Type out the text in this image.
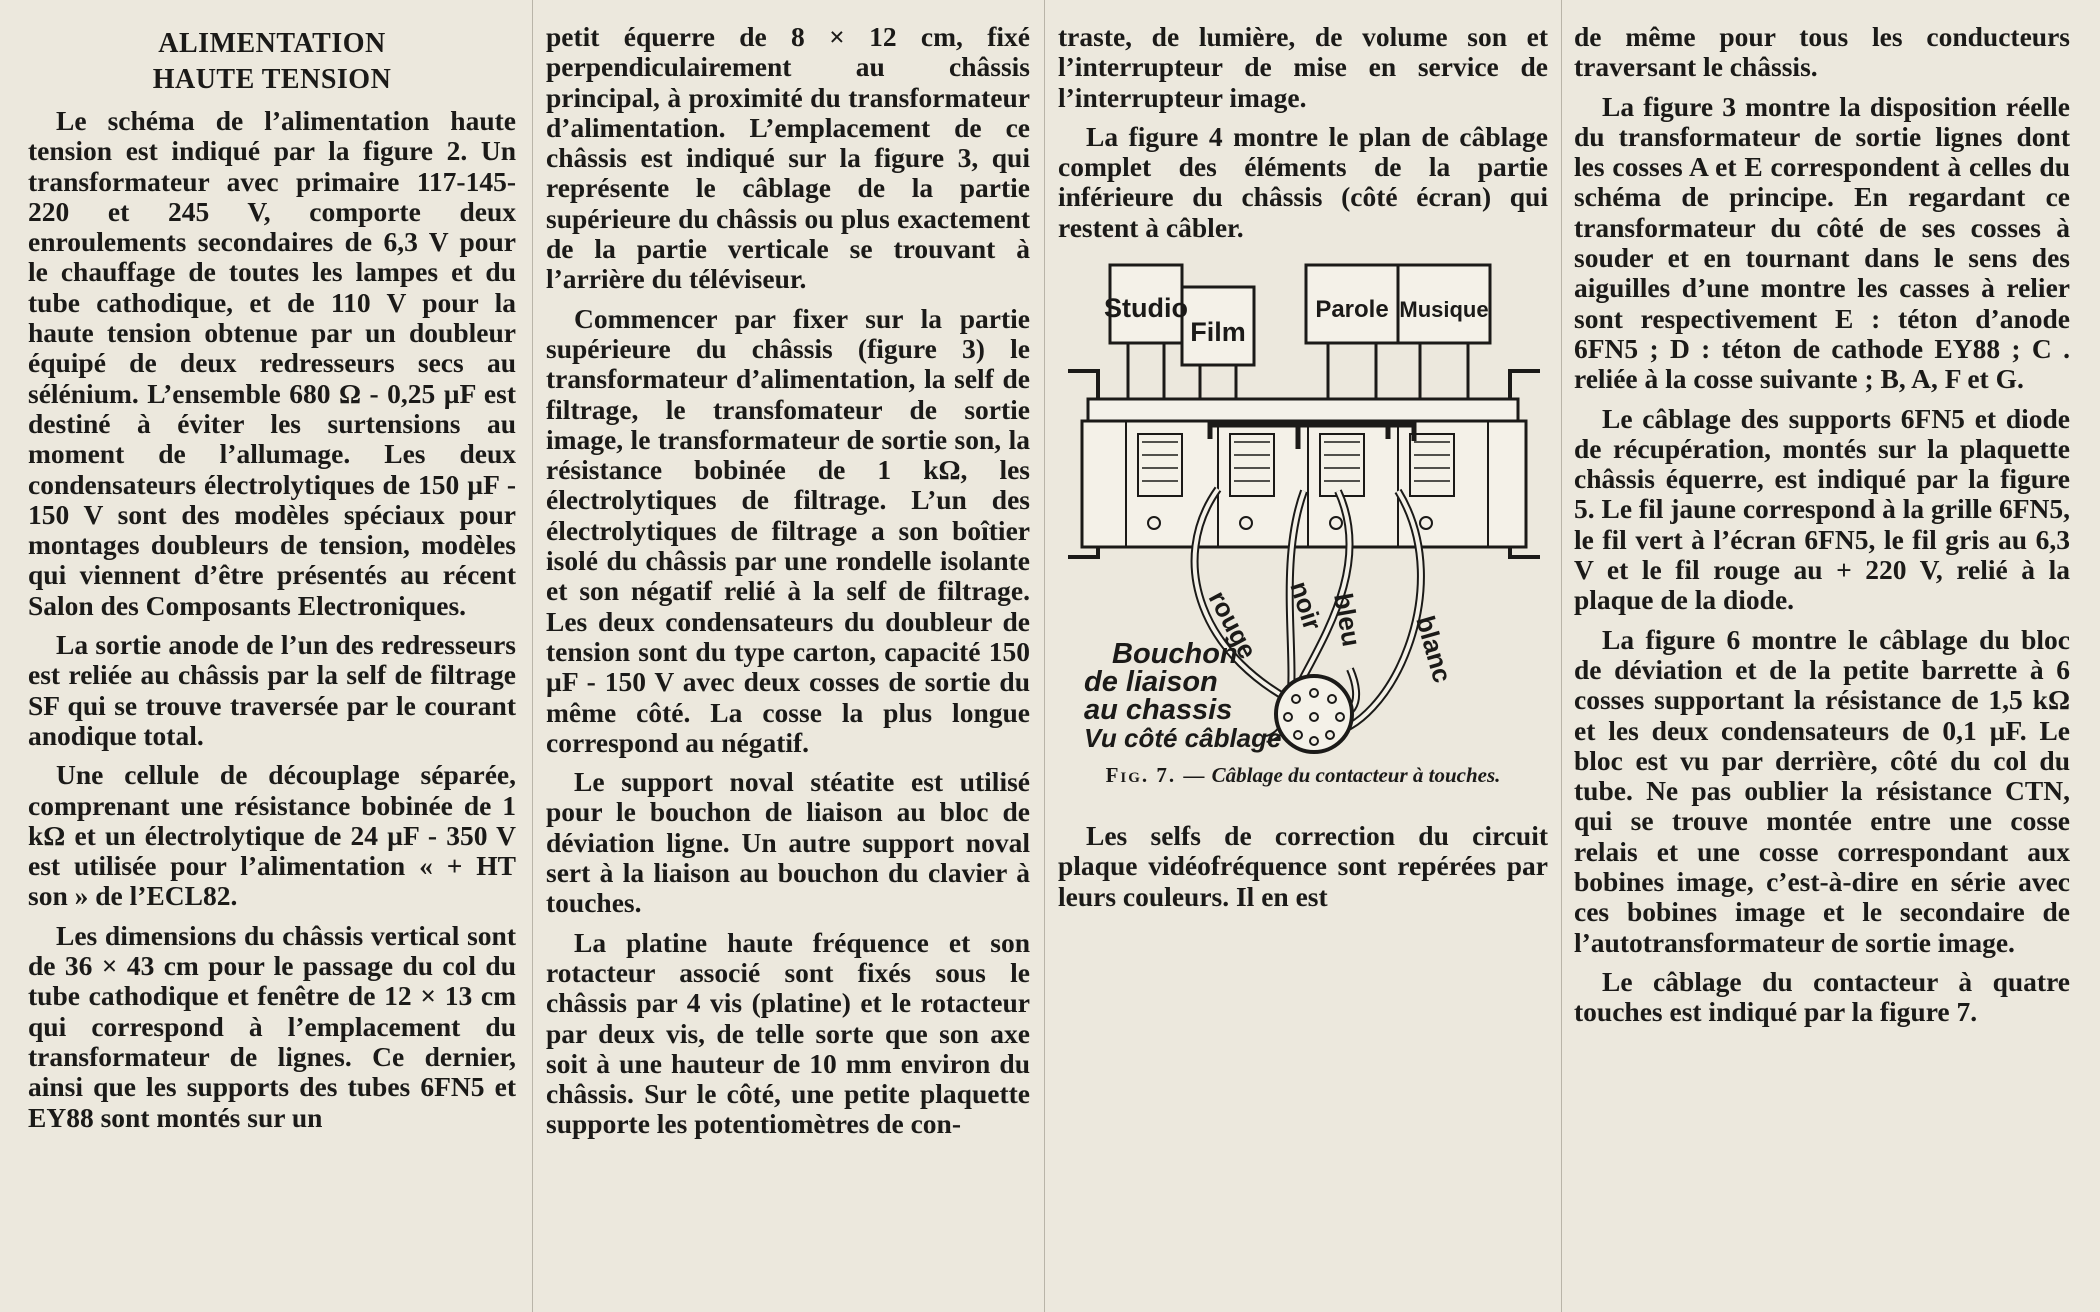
ALIMENTATION
HAUTE TENSION

Le schéma de l’alimentation haute tension est indiqué par la figure 2. Un transformateur avec primaire 117-145-220 et 245 V, comporte deux enroulements secondaires de 6,3 V pour le chauffage de toutes les lampes et du tube cathodique, et de 110 V pour la haute tension obtenue par un doubleur équipé de deux redresseurs secs au sélénium. L’ensemble 680 Ω - 0,25 µF est destiné à éviter les surtensions au moment de l’allumage. Les deux condensateurs électrolytiques de 150 µF - 150 V sont des modèles spéciaux pour montages doubleurs de tension, modèles qui viennent d’être présentés au récent Salon des Composants Electroniques.

La sortie anode de l’un des redresseurs est reliée au châssis par la self de filtrage SF qui se trouve traversée par le courant anodique total.

Une cellule de découplage séparée, comprenant une résistance bobinée de 1 kΩ et un électrolytique de 24 µF - 350 V est utilisée pour l’alimentation « + HT son » de l’ECL82.

Les dimensions du châssis vertical sont de 36 × 43 cm pour le passage du col du tube cathodique et fenêtre de 12 × 13 cm qui correspond à l’emplacement du transformateur de lignes. Ce dernier, ainsi que les supports des tubes 6FN5 et EY88 sont montés sur un

petit équerre de 8 × 12 cm, fixé perpendiculairement au châssis principal, à proximité du transformateur d’alimentation. L’emplacement de ce châssis est indiqué sur la figure 3, qui représente le câblage de la partie supérieure du châssis ou plus exactement de la partie verticale se trouvant à l’arrière du téléviseur.

Commencer par fixer sur la partie supérieure du châssis (figure 3) le transformateur d’alimentation, la self de filtrage, le transfomateur de sortie image, le transformateur de sortie son, la résistance bobinée de 1 kΩ, les électrolytiques de filtrage. L’un des électrolytiques de filtrage a son boîtier isolé du châssis par une rondelle isolante et son négatif relié à la self de filtrage. Les deux condensateurs du doubleur de tension sont du type carton, capacité 150 µF - 150 V avec deux cosses de sortie du même côté. La cosse la plus longue correspond au négatif.

Le support noval stéatite est utilisé pour le bouchon de liaison au bloc de déviation ligne. Un autre support noval sert à la liaison au bouchon du clavier à touches.

La platine haute fréquence et son rotacteur associé sont fixés sous le châssis par 4 vis (platine) et le rotacteur par deux vis, de telle sorte que son axe soit à une hauteur de 10 mm environ du châssis. Sur le côté, une petite plaquette supporte les potentiomètres de con-

traste, de lumière, de volume son et l’interrupteur de mise en service de l’interrupteur image.

La figure 4 montre le plan de câblage complet des éléments de la partie inférieure du châssis (côté écran) qui restent à câbler.

Studio
Film
Parole Musique
rouge noir bleu blanc
Bouchon
de liaison
au chassis
Vu côté câblage
Fig. 7. — Câblage du contacteur à touches.

Les selfs de correction du circuit plaque vidéofréquence sont repérées par leurs couleurs. Il en est

de même pour tous les conducteurs traversant le châssis.

La figure 3 montre la disposition réelle du transformateur de sortie lignes dont les cosses A et E correspondent à celles du schéma de principe. En regardant ce transformateur du côté de ses cosses à souder et en tournant dans le sens des aiguilles d’une montre les casses à relier sont respectivement E : téton d’anode 6FN5 ; D : téton de cathode EY88 ; C . reliée à la cosse suivante ; B, A, F et G.

Le câblage des supports 6FN5 et diode de récupération, montés sur la plaquette châssis équerre, est indiqué par la figure 5. Le fil jaune correspond à la grille 6FN5, le fil vert à l’écran 6FN5, le fil gris au 6,3 V et le fil rouge au + 220 V, relié à la plaque de la diode.

La figure 6 montre le câblage du bloc de déviation et de la petite barrette à 6 cosses supportant la résistance de 1,5 kΩ et les deux condensateurs de 0,1 µF. Le bloc est vu par derrière, côté du col du tube. Ne pas oublier la résistance CTN, qui se trouve montée entre une cosse relais et une cosse correspondant aux bobines image, c’est-à-dire en série avec ces bobines image et le secondaire de l’autotransformateur de sortie image.

Le câblage du contacteur à quatre touches est indiqué par la figure 7.
